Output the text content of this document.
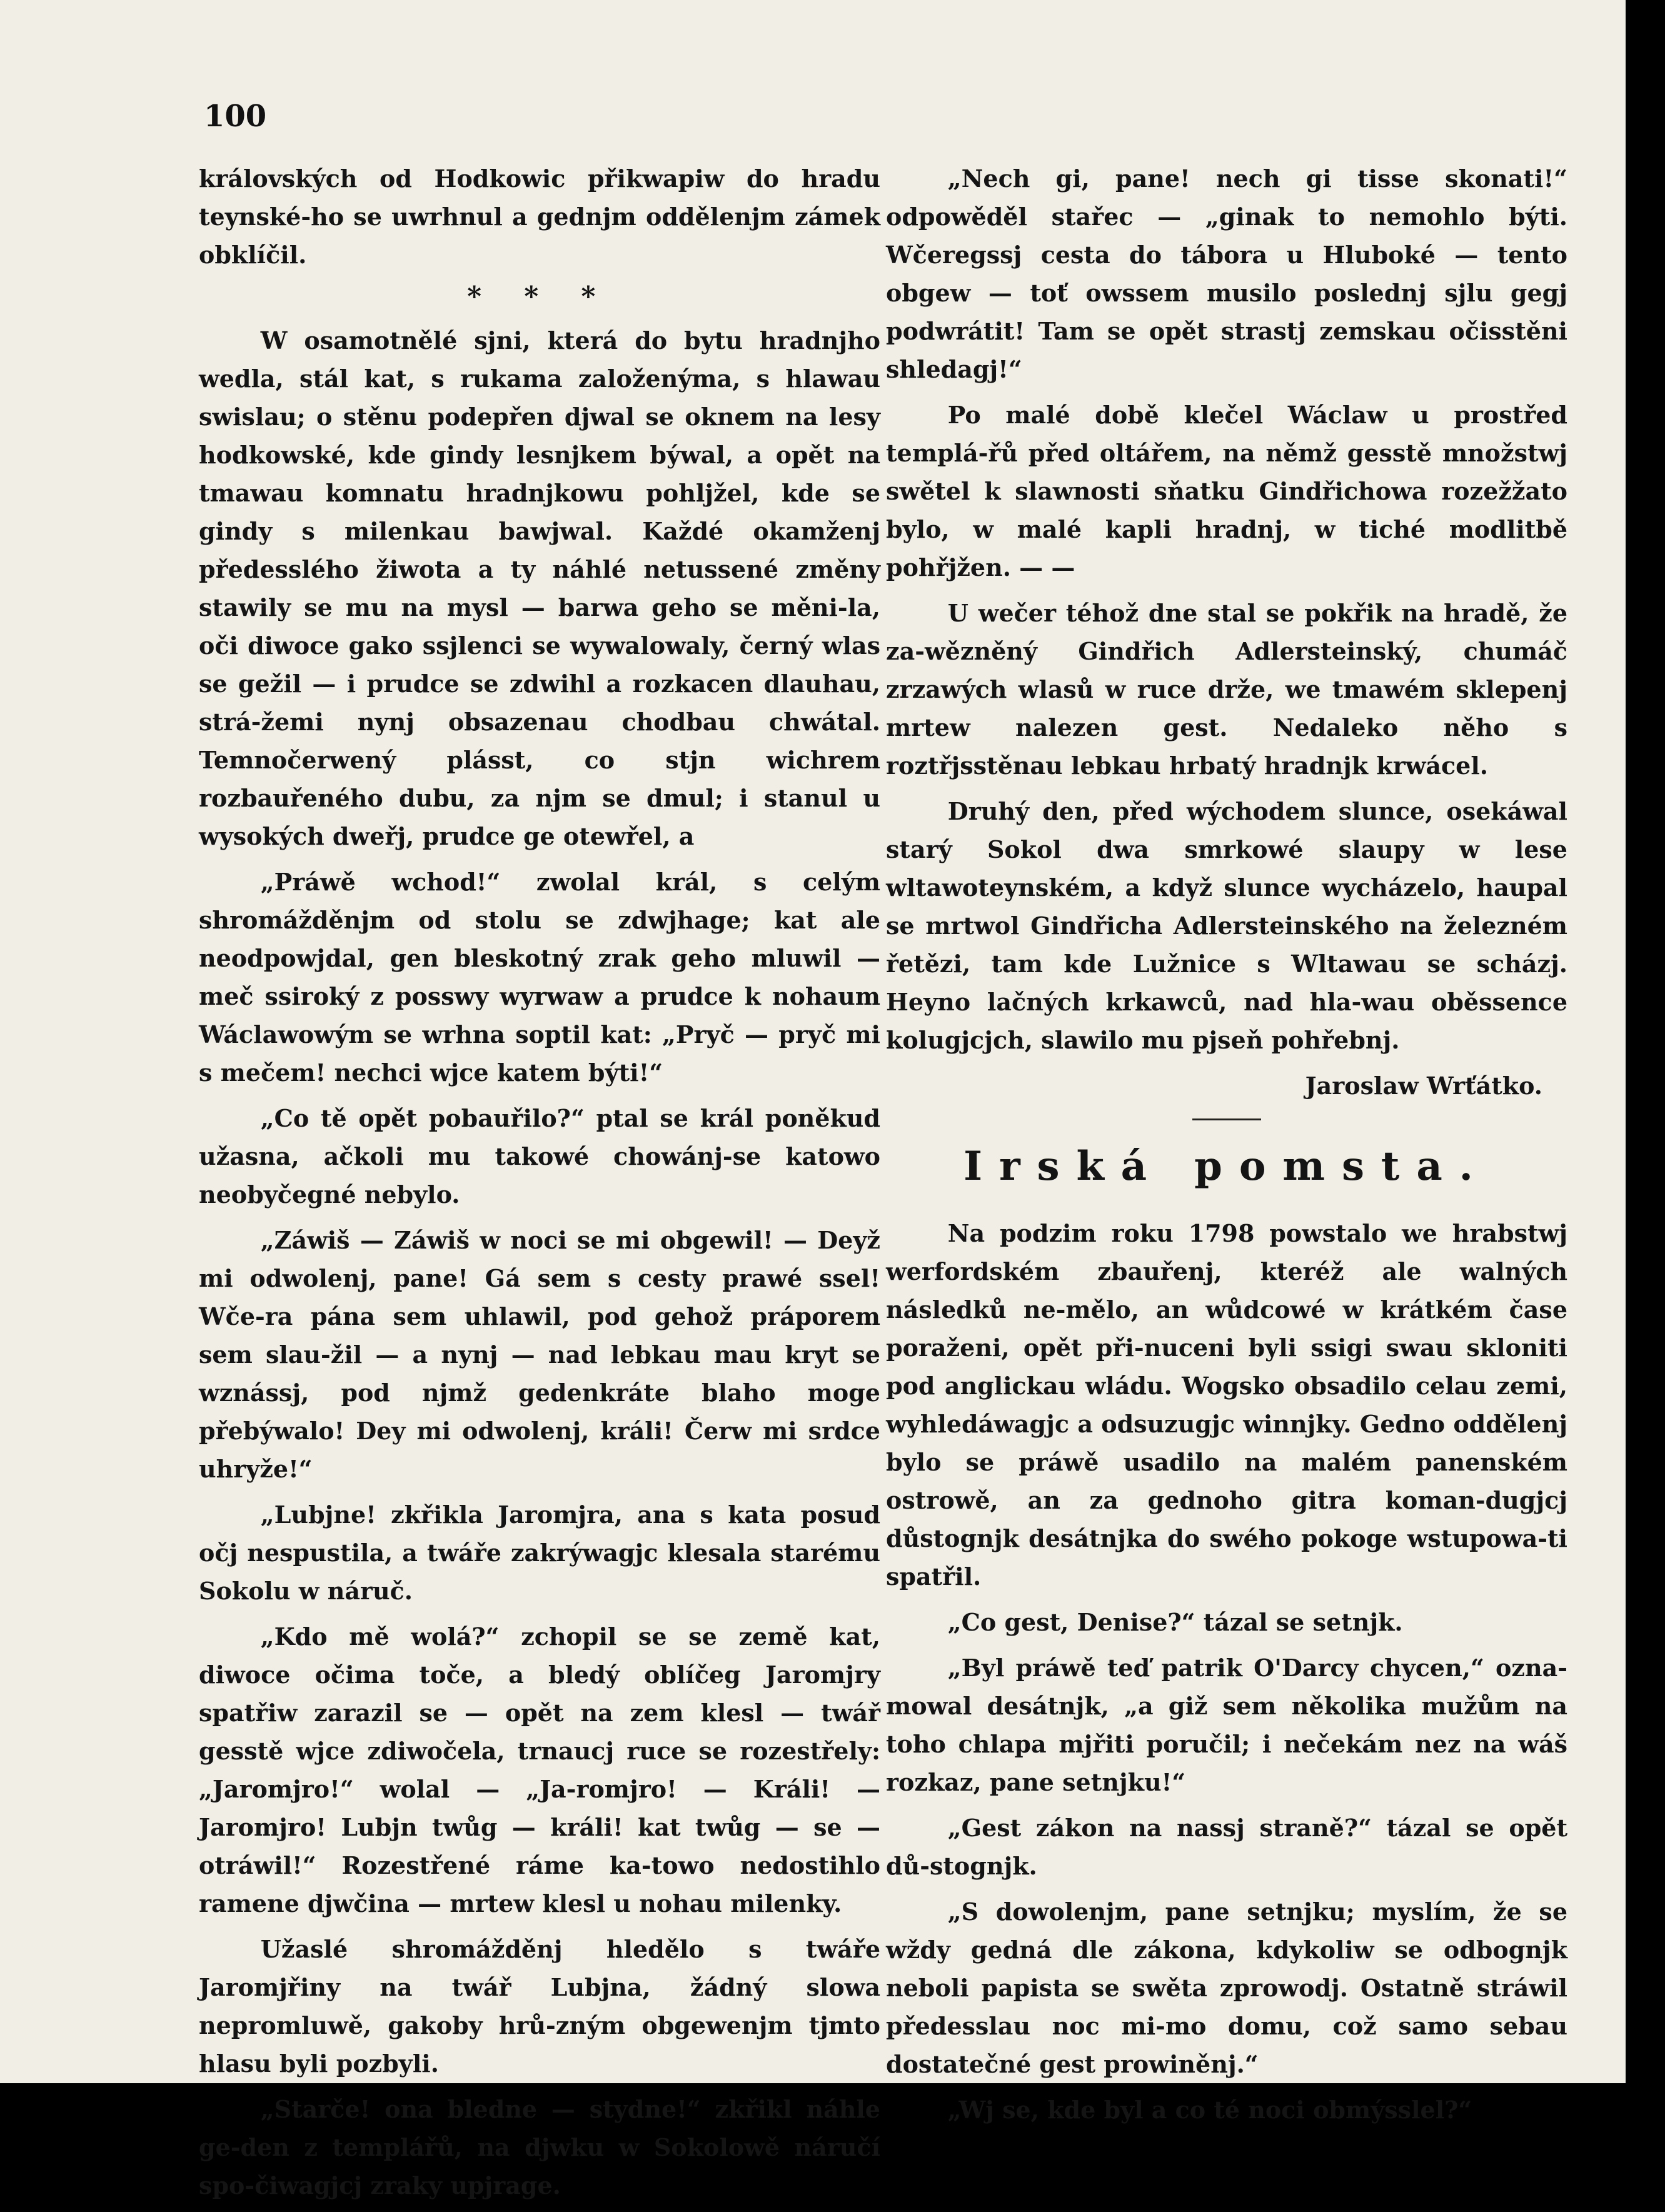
100

královských od Hodkowic přikwapiw do hradu teynské-ho se uwrhnul a gednjm oddělenjm zámek obklíčil.

* * *

W osamotnělé sjni, která do bytu hradnjho wedla, stál kat, s rukama založenýma, s hlawau swislau; o stěnu podepřen djwal se oknem na lesy hodkowské, kde gindy lesnjkem býwal, a opět na tmawau komnatu hradnjkowu pohljžel, kde se gindy s milenkau bawjwal. Každé okamženj předesslého žiwota a ty náhlé netussené změny stawily se mu na mysl — barwa geho se měni-la, oči diwoce gako ssjlenci se wywalowaly, černý wlas se gežil — i prudce se zdwihl a rozkacen dlauhau, strá-žemi nynj obsazenau chodbau chwátal. Temnočerwený plásst, co stjn wichrem rozbauřeného dubu, za njm se dmul; i stanul u wysokých dweřj, prudce ge otewřel, a

„Práwě wchod!“ zwolal král, s celým shromážděnjm od stolu se zdwjhage; kat ale neodpowjdal, gen bleskotný zrak geho mluwil — meč ssiroký z posswy wyrwaw a prudce k nohaum Wáclawowým se wrhna soptil kat: „Pryč — pryč mi s mečem! nechci wjce katem býti!“

„Co tě opět pobauřilo?“ ptal se král poněkud užasna, ačkoli mu takowé chowánj-se katowo neobyčegné nebylo.

„Záwiš — Záwiš w noci se mi obgewil! — Deyž mi odwolenj, pane! Gá sem s cesty prawé ssel! Wče-ra pána sem uhlawil, pod gehož práporem sem slau-žil — a nynj — nad lebkau mau kryt se wznássj, pod njmž gedenkráte blaho moge přebýwalo! Dey mi odwolenj, králi! Čerw mi srdce uhryže!“

„Lubjne! zkřikla Jaromjra, ana s kata posud očj nespustila, a twáře zakrýwagjc klesala starému Sokolu w náruč.

„Kdo mě wolá?“ zchopil se se země kat, diwoce očima toče, a bledý oblíčeg Jaromjry spatřiw zarazil se — opět na zem klesl — twář gesstě wjce zdiwočela, trnaucj ruce se rozestřely: „Jaromjro!“ wolal — „Ja-romjro! — Králi! — Jaromjro! Lubjn twůg — králi! kat twůg — se — otráwil!“ Rozestřené ráme ka-towo nedostihlo ramene djwčina — mrtew klesl u nohau milenky.

Užaslé shromážděnj hledělo s twáře Jaromjřiny na twář Lubjna, žádný slowa nepromluwě, gakoby hrů-zným obgewenjm tjmto hlasu byli pozbyli.

„Starče! ona bledne — stydne!“ zkřikl náhle ge-den z templářů, na djwku w Sokolowě náručí spo-čiwagjcj zraky upjrage.

„Nech gi, pane! nech gi tisse skonati!“ odpowěděl stařec — „ginak to nemohlo býti. Wčeregssj cesta do tábora u Hluboké — tento obgew — toť owssem musilo poslednj sjlu gegj podwrátit! Tam se opět strastj zemskau očisstěni shledagj!“

Po malé době klečel Wáclaw u prostřed templá-řů před oltářem, na němž gesstě množstwj swětel k slawnosti sňatku Gindřichowa rozežžato bylo, w malé kapli hradnj, w tiché modlitbě pohřjžen. — —

U wečer téhož dne stal se pokřik na hradě, že za-wězněný Gindřich Adlersteinský, chumáč zrzawých wlasů w ruce drže, we tmawém sklepenj mrtew nalezen gest. Nedaleko něho s roztřjsstěnau lebkau hrbatý hradnjk krwácel.

Druhý den, před wýchodem slunce, osekáwal starý Sokol dwa smrkowé slaupy w lese wltawoteynském, a když slunce wycházelo, haupal se mrtwol Gindřicha Adlersteinského na železném řetězi, tam kde Lužnice s Wltawau se scházj. Heyno lačných krkawců, nad hla-wau oběssence kolugjcjch, slawilo mu pjseň pohřebnj.

Jaroslaw Wrťátko.
Irská pomsta.

Na podzim roku 1798 powstalo we hrabstwj werfordském zbauřenj, kteréž ale walných následků ne-mělo, an wůdcowé w krátkém čase poraženi, opět při-nuceni byli ssigi swau skloniti pod anglickau wládu. Wogsko obsadilo celau zemi, wyhledáwagjc a odsuzugjc winnjky. Gedno oddělenj bylo se práwě usadilo na malém panenském ostrowě, an za gednoho gitra koman-dugjcj důstognjk desátnjka do swého pokoge wstupowa-ti spatřil.

„Co gest, Denise?“ tázal se setnjk.

„Byl práwě teď patrik O'Darcy chycen,“ ozna-mowal desátnjk, „a giž sem několika mužům na toho chlapa mjřiti poručil; i nečekám nez na wáš rozkaz, pane setnjku!“

„Gest zákon na nassj straně?“ tázal se opět dů-stognjk.

„S dowolenjm, pane setnjku; myslím, že se wždy gedná dle zákona, kdykoliw se odbognjk neboli papista se swěta zprowodj. Ostatně stráwil předesslau noc mi-mo domu, což samo sebau dostatečné gest prowiněnj.“

„Wj se, kde byl a co té noci obmýsslel?“
